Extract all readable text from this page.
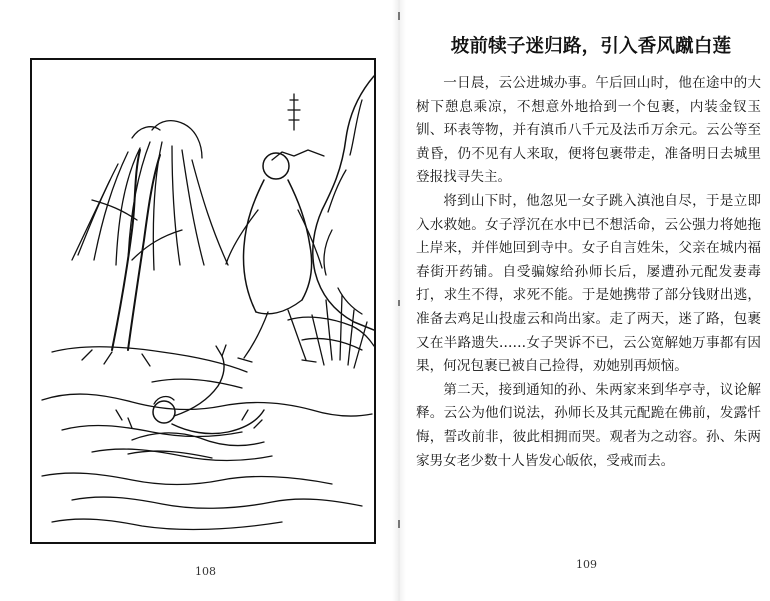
108
坡前犊子迷归路，引入香风蹴白莲

一日晨，云公进城办事。午后回山时，他在途中的大树下憩息乘凉，不想意外地拾到一个包裹，内装金钗玉钏、环表等物，并有滇币八千元及法币万余元。云公等至黄昏，仍不见有人来取，便将包裹带走，准备明日去城里登报找寻失主。

将到山下时，他忽见一女子跳入滇池自尽，于是立即入水救她。女子浮沉在水中已不想活命，云公强力将她拖上岸来，并伴她回到寺中。女子自言姓朱，父亲在城内福春街开药铺。自受骗嫁给孙师长后，屡遭孙元配发妻毒打，求生不得，求死不能。于是她携带了部分钱财出逃，准备去鸡足山投虚云和尚出家。走了两天，迷了路，包裹又在半路遗失……女子哭诉不已，云公宽解她万事都有因果，何况包裹已被自己捡得，劝她别再烦恼。

第二天，接到通知的孙、朱两家来到华亭寺，议论解释。云公为他们说法，孙师长及其元配跪在佛前，发露忏悔，誓改前非，彼此相拥而哭。观者为之动容。孙、朱两家男女老少数十人皆发心皈依，受戒而去。

109
